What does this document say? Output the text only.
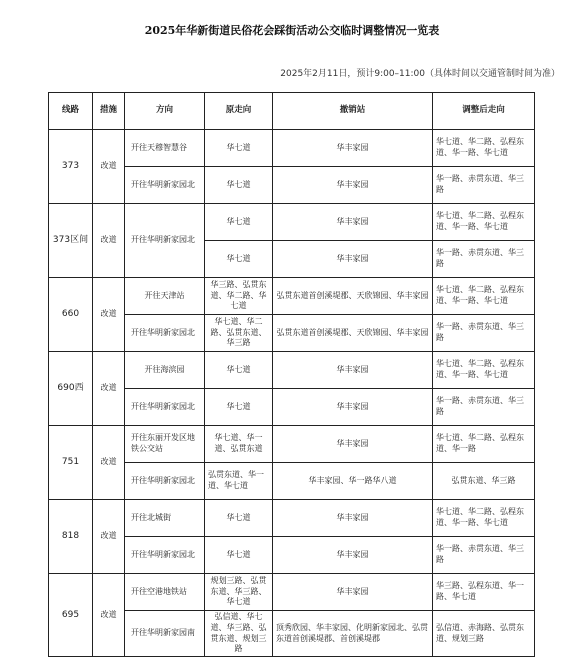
2025年华新街道民俗花会踩街活动公交临时调整情况一览表
2025年2月11日，预计9:00–11:00（具体时间以交通管制时间为准）
线路	措施	方向	原走向	撤销站	调整后走向
373	改道	开往天穆智慧谷	华七道	华丰家园	华七道、华二路、弘程东道、华一路、华七道
		开往华明新家园北	华七道	华丰家园	华一路、赤贯东道、华三路
373区间	改道	开往华明新家园北	华七道	华丰家园	华七道、华二路、弘程东道、华一路、华七道
			华七道	华丰家园	华一路、赤贯东道、华三路
660	改道	开往天津站	华三路、弘贯东道、华二路、华七道	弘贯东道首创溪堤郡、天欣锦园、华丰家园	华七道、华二路、弘程东道、华一路、华七道
		开往华明新家园北	华七道、华二路、弘贯东道、华三路	弘贯东道首创溪堤郡、天欣锦园、华丰家园	华一路、赤贯东道、华三路
690西	改道	开往海滨园	华七道	华丰家园	华七道、华二路、弘程东道、华一路、华七道
		开往华明新家园北	华七道	华丰家园	华一路、赤贯东道、华三路
751	改道	开往东丽开发区地铁公交站	华七道、华一道、弘贯东道	华丰家园	华七道、华二路、弘程东道、华一路
		开往华明新家园北	弘贯东道、华一道、华七道	华丰家园、华一路华八道	弘贯东道、华三路
818	改道	开往北城街	华七道	华丰家园	华七道、华二路、弘程东道、华一路、华七道
		开往华明新家园北	华七道	华丰家园	华一路、赤贯东道、华三路
695	改道	开往空港地铁站	规划三路、弘贯东道、华三路、华七道	华丰家园	华三路、弘程东道、华一路、华七道
		开往华明新家园南	弘信道、华七道、华三路、弘贯东道、规划三路	顶秀欣园、华丰家园、化明新家园北、弘贯东道首创溪堤郡、首创溪堤郡	弘信道、赤海路、弘贯东道、规划三路
